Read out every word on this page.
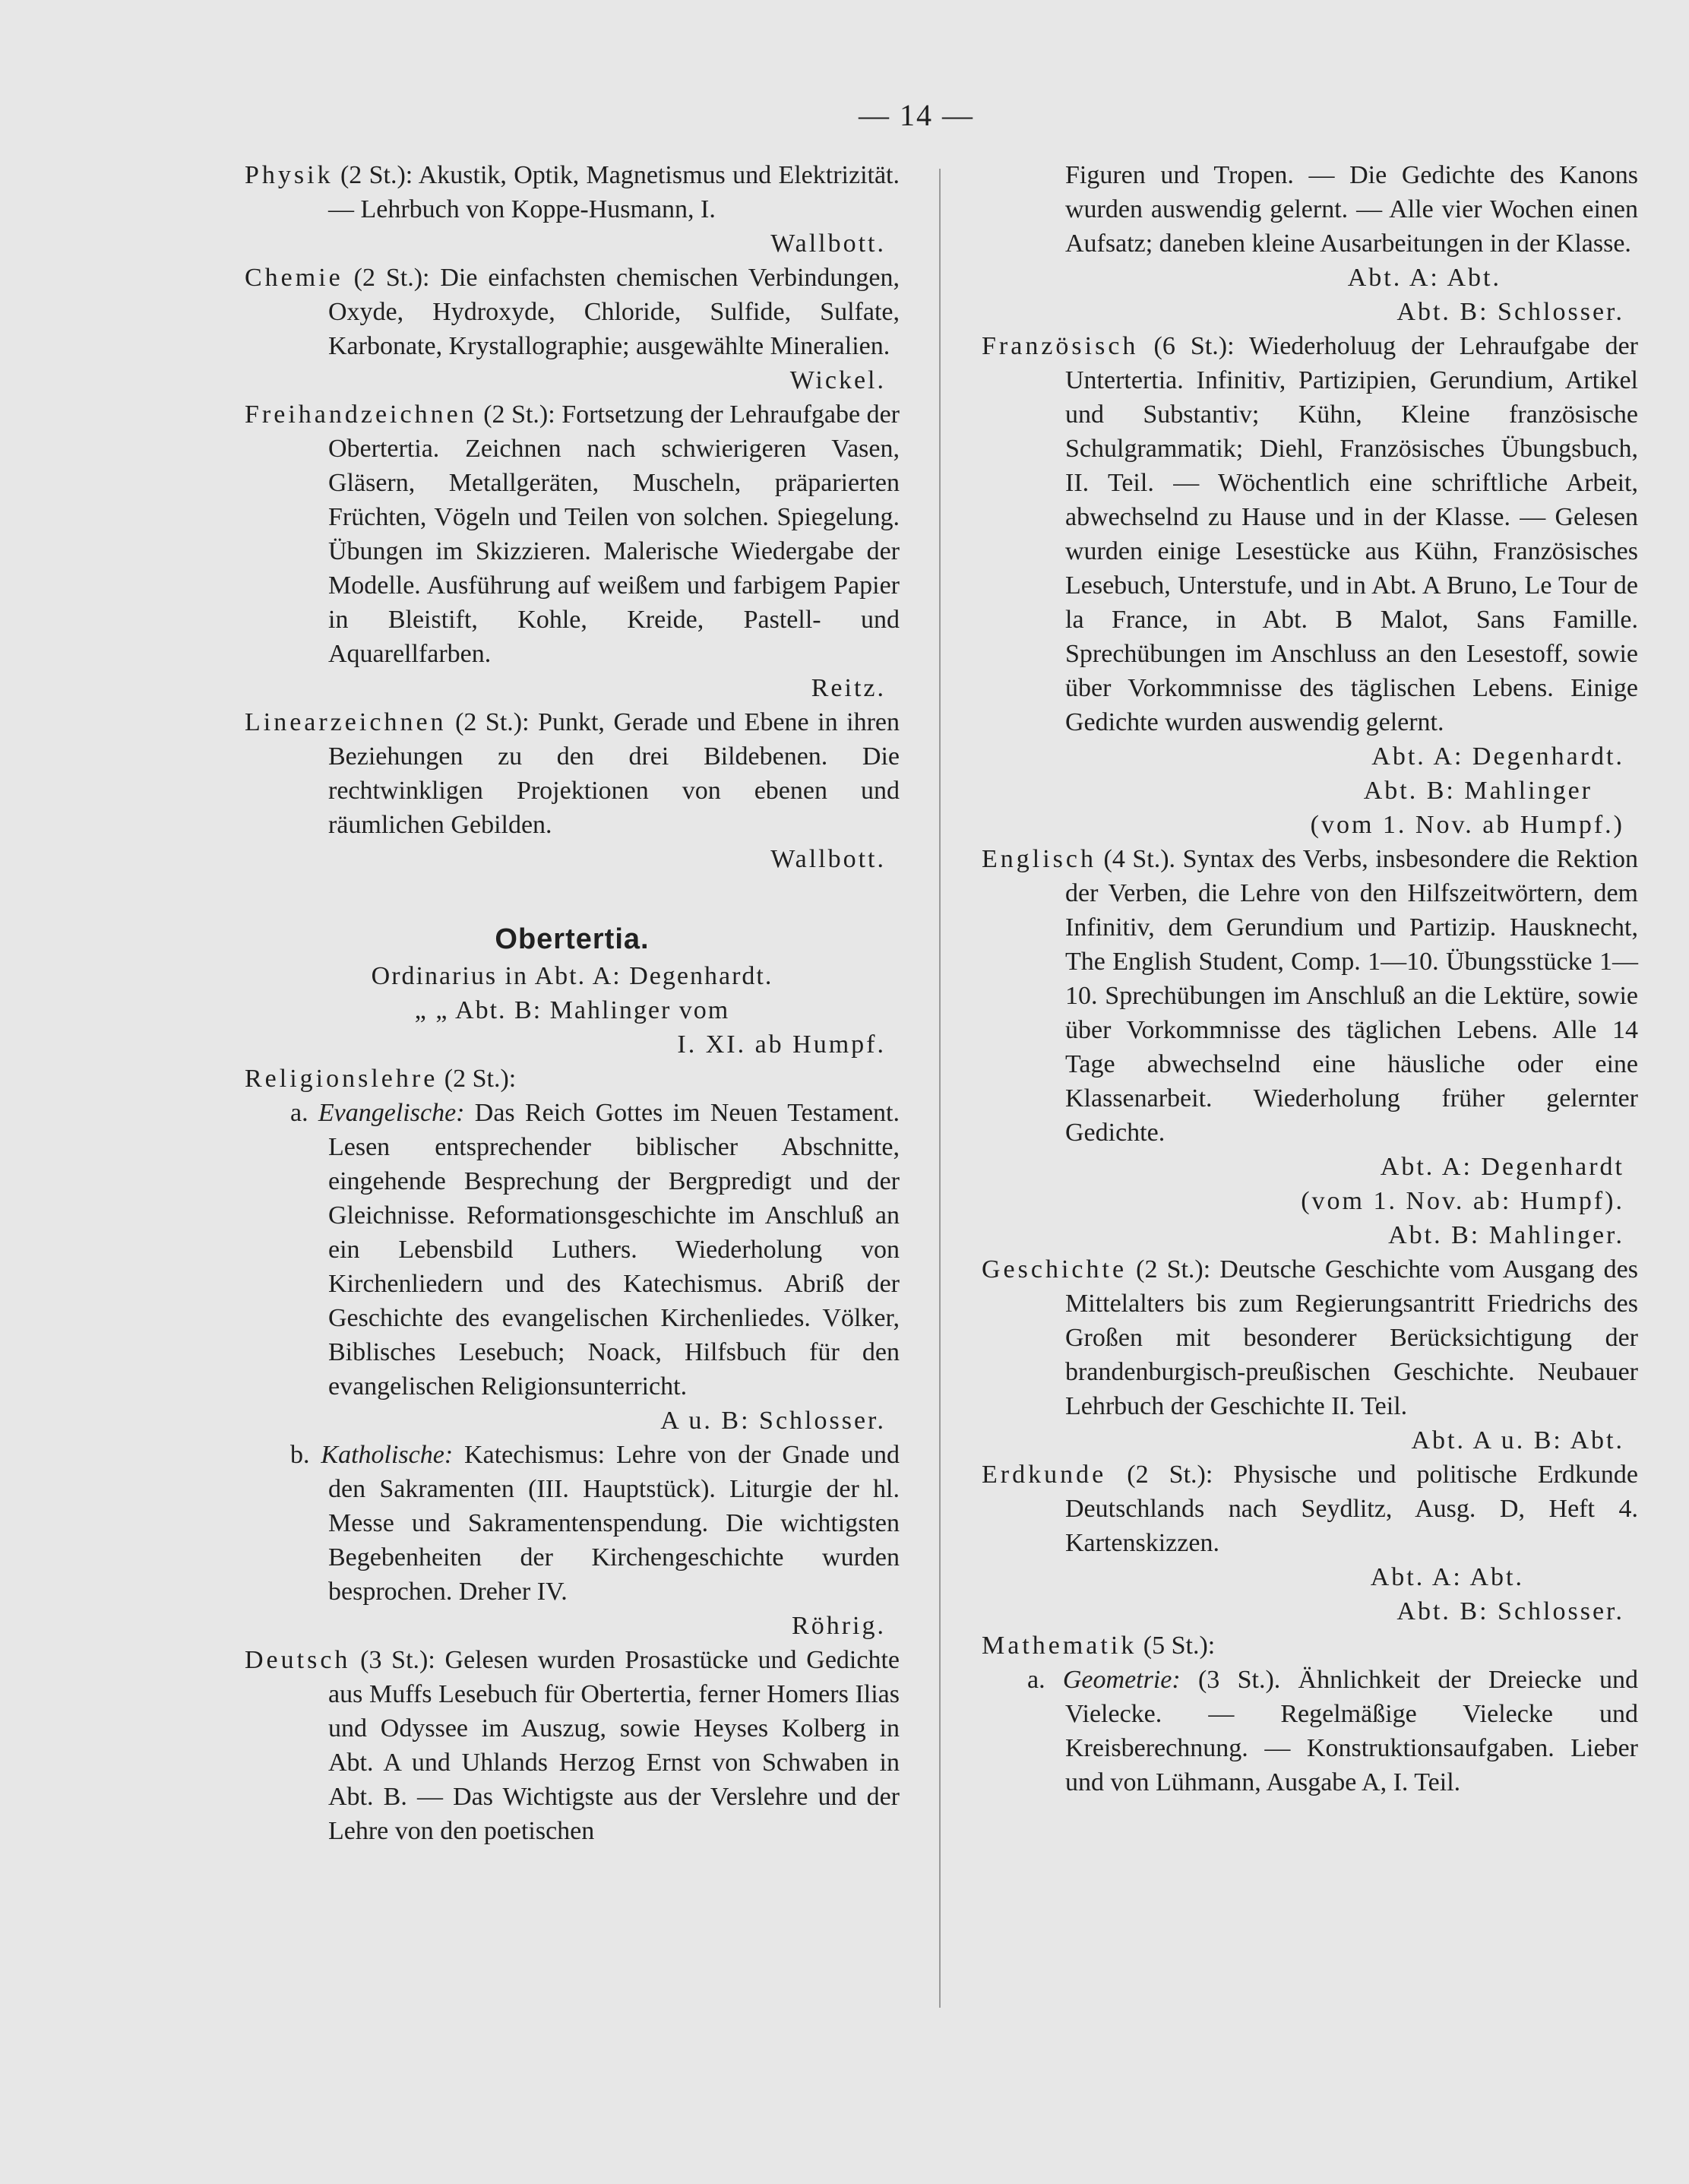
— 14 —

Physik (2 St.): Akustik, Optik, Magnetismus und Elektrizität. — Lehrbuch von Koppe-Husmann, I.

Wallbott.

Chemie (2 St.): Die einfachsten chemischen Verbindungen, Oxyde, Hydroxyde, Chloride, Sulfide, Sulfate, Karbonate, Krystallographie; ausgewählte Mineralien.

Wickel.

Freihandzeichnen (2 St.): Fortsetzung der Lehraufgabe der Obertertia. Zeichnen nach schwierigeren Vasen, Gläsern, Metallgeräten, Muscheln, präparierten Früchten, Vögeln und Teilen von solchen. Spiegelung. Übungen im Skizzieren. Malerische Wiedergabe der Modelle. Ausführung auf weißem und farbigem Papier in Bleistift, Kohle, Kreide, Pastell- und Aquarellfarben.

Reitz.

Linearzeichnen (2 St.): Punkt, Gerade und Ebene in ihren Beziehungen zu den drei Bildebenen. Die rechtwinkligen Projektionen von ebenen und räumlichen Gebilden.

Wallbott.

Obertertia.

Ordinarius in Abt. A: Degenhardt.

„ „ Abt. B: Mahlinger vom

I. XI. ab Humpf.

Religionslehre (2 St.):

a. Evangelische: Das Reich Gottes im Neuen Testament. Lesen entsprechender biblischer Abschnitte, eingehende Besprechung der Bergpredigt und der Gleichnisse. Reformationsgeschichte im Anschluß an ein Lebensbild Luthers. Wiederholung von Kirchenliedern und des Katechismus. Abriß der Geschichte des evangelischen Kirchenliedes. Völker, Biblisches Lesebuch; Noack, Hilfsbuch für den evangelischen Religionsunterricht.

A u. B: Schlosser.

b. Katholische: Katechismus: Lehre von der Gnade und den Sakramenten (III. Hauptstück). Liturgie der hl. Messe und Sakramentenspendung. Die wichtigsten Begebenheiten der Kirchengeschichte wurden besprochen. Dreher IV.

Röhrig.

Deutsch (3 St.): Gelesen wurden Prosastücke und Gedichte aus Muffs Lesebuch für Obertertia, ferner Homers Ilias und Odyssee im Auszug, sowie Heyses Kolberg in Abt. A und Uhlands Herzog Ernst von Schwaben in Abt. B. — Das Wichtigste aus der Verslehre und der Lehre von den poetischen

Figuren und Tropen. — Die Gedichte des Kanons wurden auswendig gelernt. — Alle vier Wochen einen Aufsatz; daneben kleine Ausarbeitungen in der Klasse.

Abt. A: Abt.

Abt. B: Schlosser.

Französisch (6 St.): Wiederholuug der Lehraufgabe der Untertertia. Infinitiv, Partizipien, Gerundium, Artikel und Substantiv; Kühn, Kleine französische Schulgrammatik; Diehl, Französisches Übungsbuch, II. Teil. — Wöchentlich eine schriftliche Arbeit, abwechselnd zu Hause und in der Klasse. — Gelesen wurden einige Lesestücke aus Kühn, Französisches Lesebuch, Unterstufe, und in Abt. A Bruno, Le Tour de la France, in Abt. B Malot, Sans Famille. Sprechübungen im Anschluss an den Lesestoff, sowie über Vorkommnisse des täglischen Lebens. Einige Gedichte wurden auswendig gelernt.

Abt. A: Degenhardt.

Abt. B: Mahlinger

(vom 1. Nov. ab Humpf.)

Englisch (4 St.). Syntax des Verbs, insbesondere die Rektion der Verben, die Lehre von den Hilfszeitwörtern, dem Infinitiv, dem Gerundium und Partizip. Hausknecht, The English Student, Comp. 1—10. Übungsstücke 1—10. Sprechübungen im Anschluß an die Lektüre, sowie über Vorkommnisse des täglichen Lebens. Alle 14 Tage abwechselnd eine häusliche oder eine Klassenarbeit. Wiederholung früher gelernter Gedichte.

Abt. A: Degenhardt

(vom 1. Nov. ab: Humpf).

Abt. B: Mahlinger.

Geschichte (2 St.): Deutsche Geschichte vom Ausgang des Mittelalters bis zum Regierungsantritt Friedrichs des Großen mit besonderer Berücksichtigung der brandenburgisch-preußischen Geschichte. Neubauer Lehrbuch der Geschichte II. Teil.

Abt. A u. B: Abt.

Erdkunde (2 St.): Physische und politische Erdkunde Deutschlands nach Seydlitz, Ausg. D, Heft 4. Kartenskizzen.

Abt. A: Abt.

Abt. B: Schlosser.

Mathematik (5 St.):

a. Geometrie: (3 St.). Ähnlichkeit der Dreiecke und Vielecke. — Regelmäßige Vielecke und Kreisberechnung. — Konstruktionsaufgaben. Lieber und von Lühmann, Ausgabe A, I. Teil.
